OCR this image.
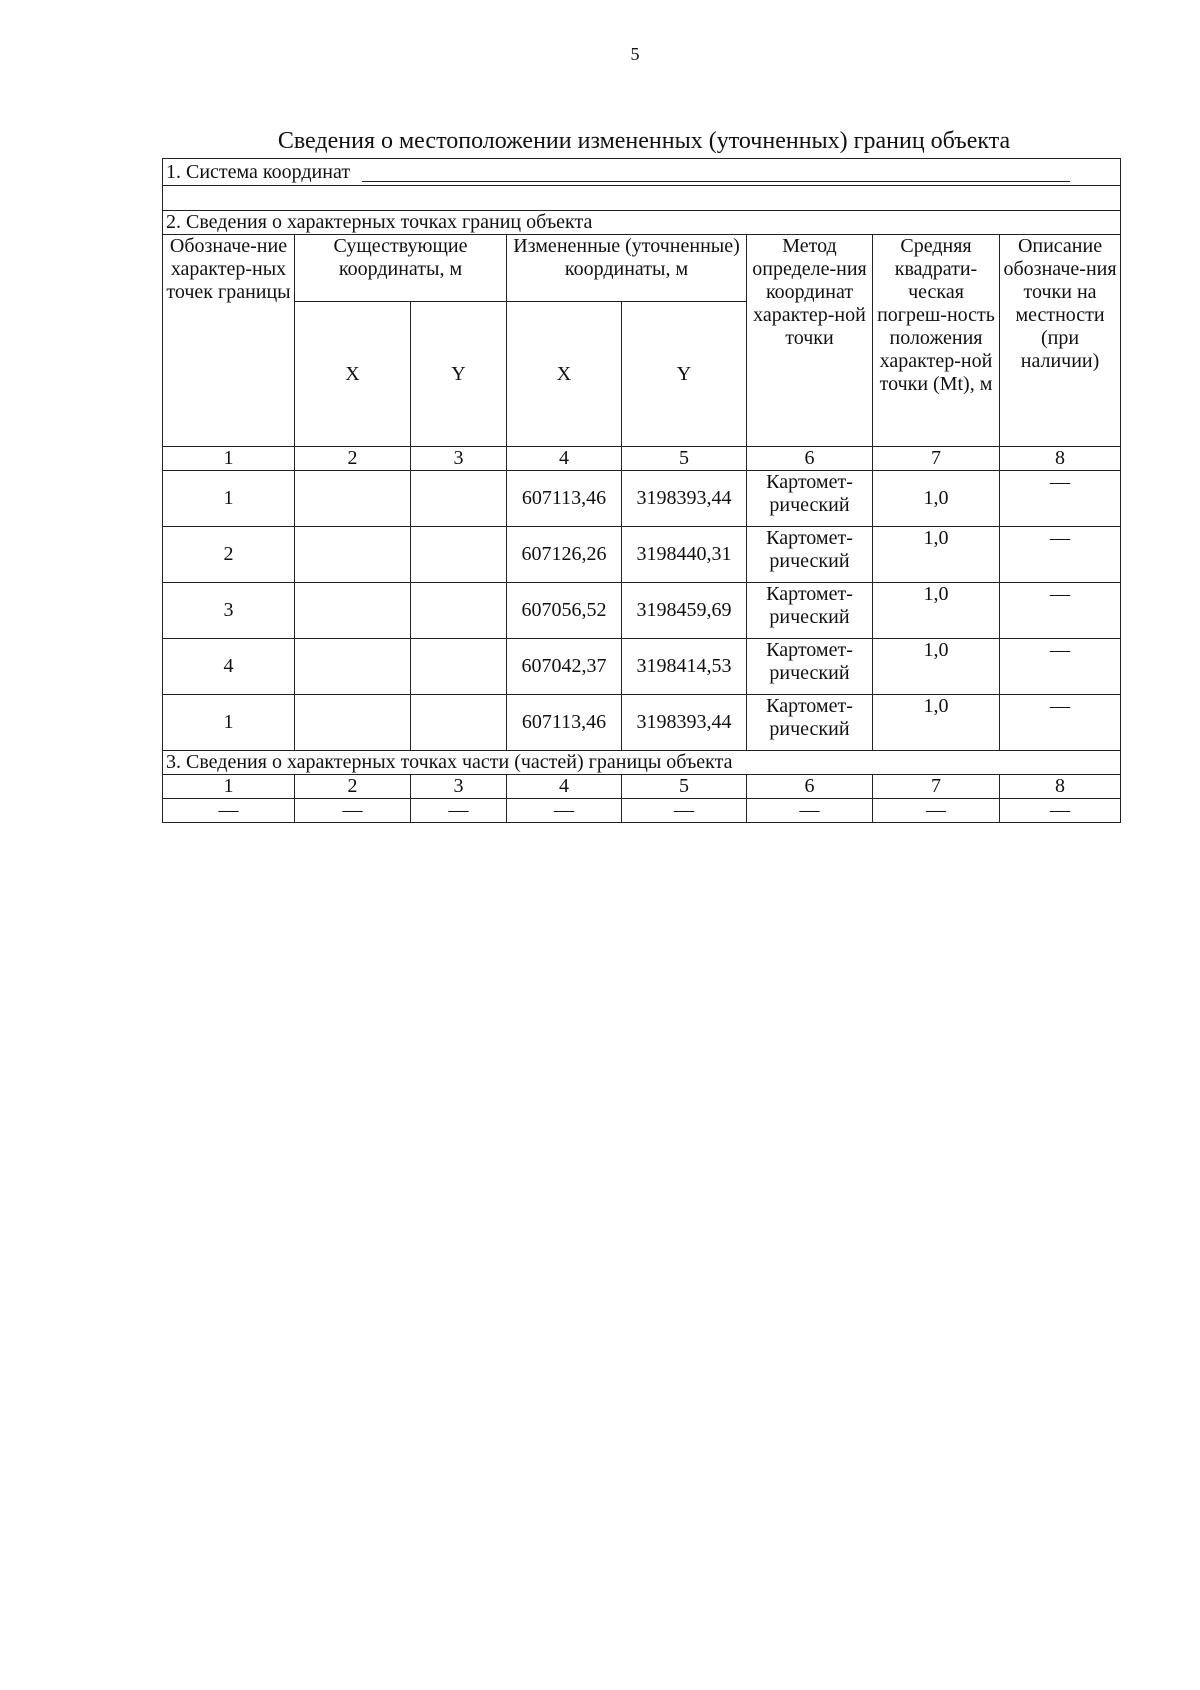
5
Сведения о местоположении измененных (уточненных) границ объекта
1. Система координат							

2. Сведения о характерных точках границ объекта							
Обозначе-ние характер-ных точек границы	Существующие координаты, м		Измененные (уточненные) координаты, м		Метод определе-ния координат характер-ной точки	Средняя квадрати-ческая погреш-ность положения характер-ной точки (Mt), м	Описание обозначе-ния точки на местности (при наличии)
	X	Y	X	Y			
1	2	3	4	5	6	7	8
1			607113,46	3198393,44	Картомет-рический	1,0	—
2			607126,26	3198440,31	Картомет-рический	1,0	—
3			607056,52	3198459,69	Картомет-рический	1,0	—
4			607042,37	3198414,53	Картомет-рический	1,0	—
1			607113,46	3198393,44	Картомет-рический	1,0	—
3. Сведения о характерных точках части (частей) границы объекта							
1	2	3	4	5	6	7	8
—	—	—	—	—	—	—	—
